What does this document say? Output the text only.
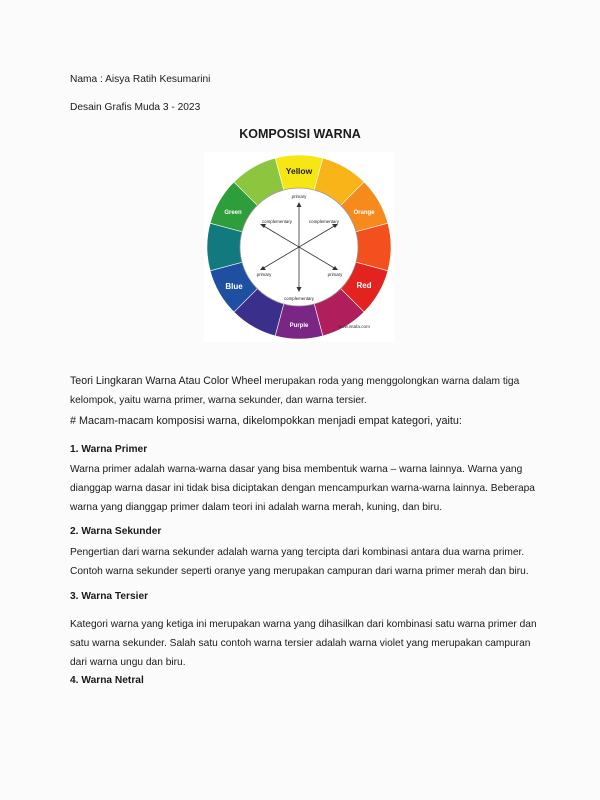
Nama : Aisya Ratih Kesumarini
Desain Grafis Muda 3 - 2023
KOMPOSISI WARNA
primary
complementary	complementary
primary	primary
complementary
Yellow
Orange
Red
Purple
Blue
Green
www.istafa.com
Teori Lingkaran Warna Atau Color Wheel merupakan roda yang menggolongkan warna dalam tiga
kelompok, yaitu warna primer, warna sekunder, dan warna tersier.
# Macam-macam komposisi warna, dikelompokkan menjadi empat kategori, yaitu:
1. Warna Primer
Warna primer adalah warna-warna dasar yang bisa membentuk warna – warna lainnya. Warna yang
dianggap warna dasar ini tidak bisa diciptakan dengan mencampurkan warna-warna lainnya. Beberapa
warna yang dianggap primer dalam teori ini adalah warna merah, kuning, dan biru.
2. Warna Sekunder
Pengertian dari warna sekunder adalah warna yang tercipta dari kombinasi antara dua warna primer.
Contoh warna sekunder seperti oranye yang merupakan campuran dari warna primer merah dan biru.
3. Warna Tersier
Kategori warna yang ketiga ini merupakan warna yang dihasilkan dari kombinasi satu warna primer dan
satu warna sekunder. Salah satu contoh warna tersier adalah warna violet yang merupakan campuran
dari warna ungu dan biru.
4. Warna Netral
